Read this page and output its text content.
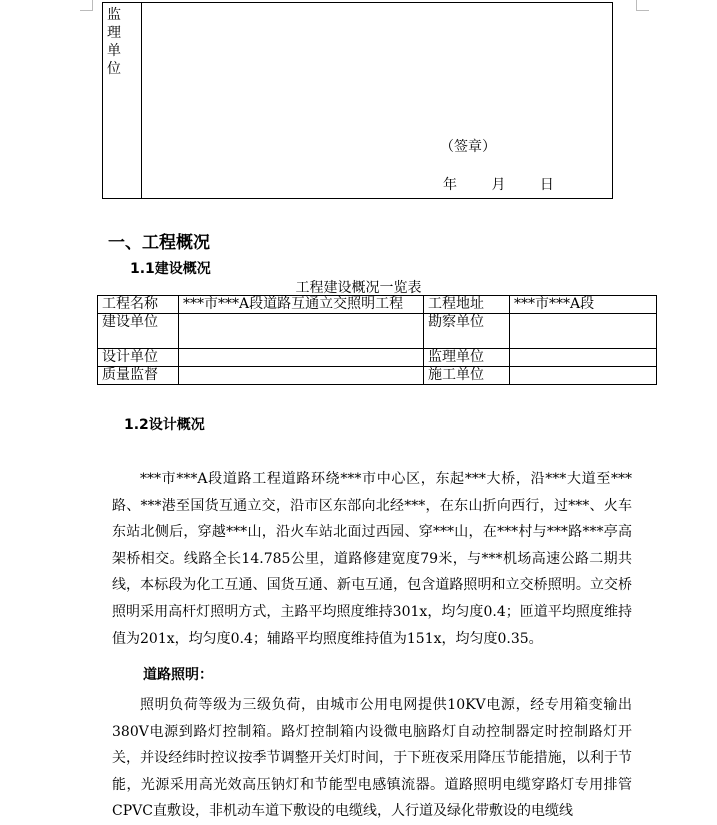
监
理
单
位
（签章）
年 月 日
一、工程概况
1.1建设概况
工程建设概况一览表
工程名称	***市***A段道路互通立交照明工程	工程地址	***市***A段
建设单位		勘察单位	
设计单位		监理单位	
质量监督		施工单位	
1.2设计概况

***市***A段道路工程道路环绕***市中心区，东起***大桥，沿***大道至***路、***港至国货互通立交，沿市区东部向北经***，在东山折向西行，过***、火车东站北侧后，穿越***山，沿火车站北面过西园、穿***山，在***村与***路***亭高架桥相交。线路全长14.785公里，道路修建宽度79米，与***机场高速公路二期共线，本标段为化工互通、国货互通、新屯互通，包含道路照明和立交桥照明。立交桥照明采用高杆灯照明方式，主路平均照度维持301x，均匀度0.4；匝道平均照度维持值为201x，均匀度0.4；辅路平均照度维持值为151x，均匀度0.35。

道路照明：

照明负荷等级为三级负荷，由城市公用电网提供10KV电源，经专用箱变输出380V电源到路灯控制箱。路灯控制箱内设微电脑路灯自动控制器定时控制路灯开关，并设经纬时控议按季节调整开关灯时间，于下班夜采用降压节能措施，以利于节能，光源采用高光效高压钠灯和节能型电感镇流器。道路照明电缆穿路灯专用排管CPVC直敷设，非机动车道下敷设的电缆线，人行道及绿化带敷设的电缆线
